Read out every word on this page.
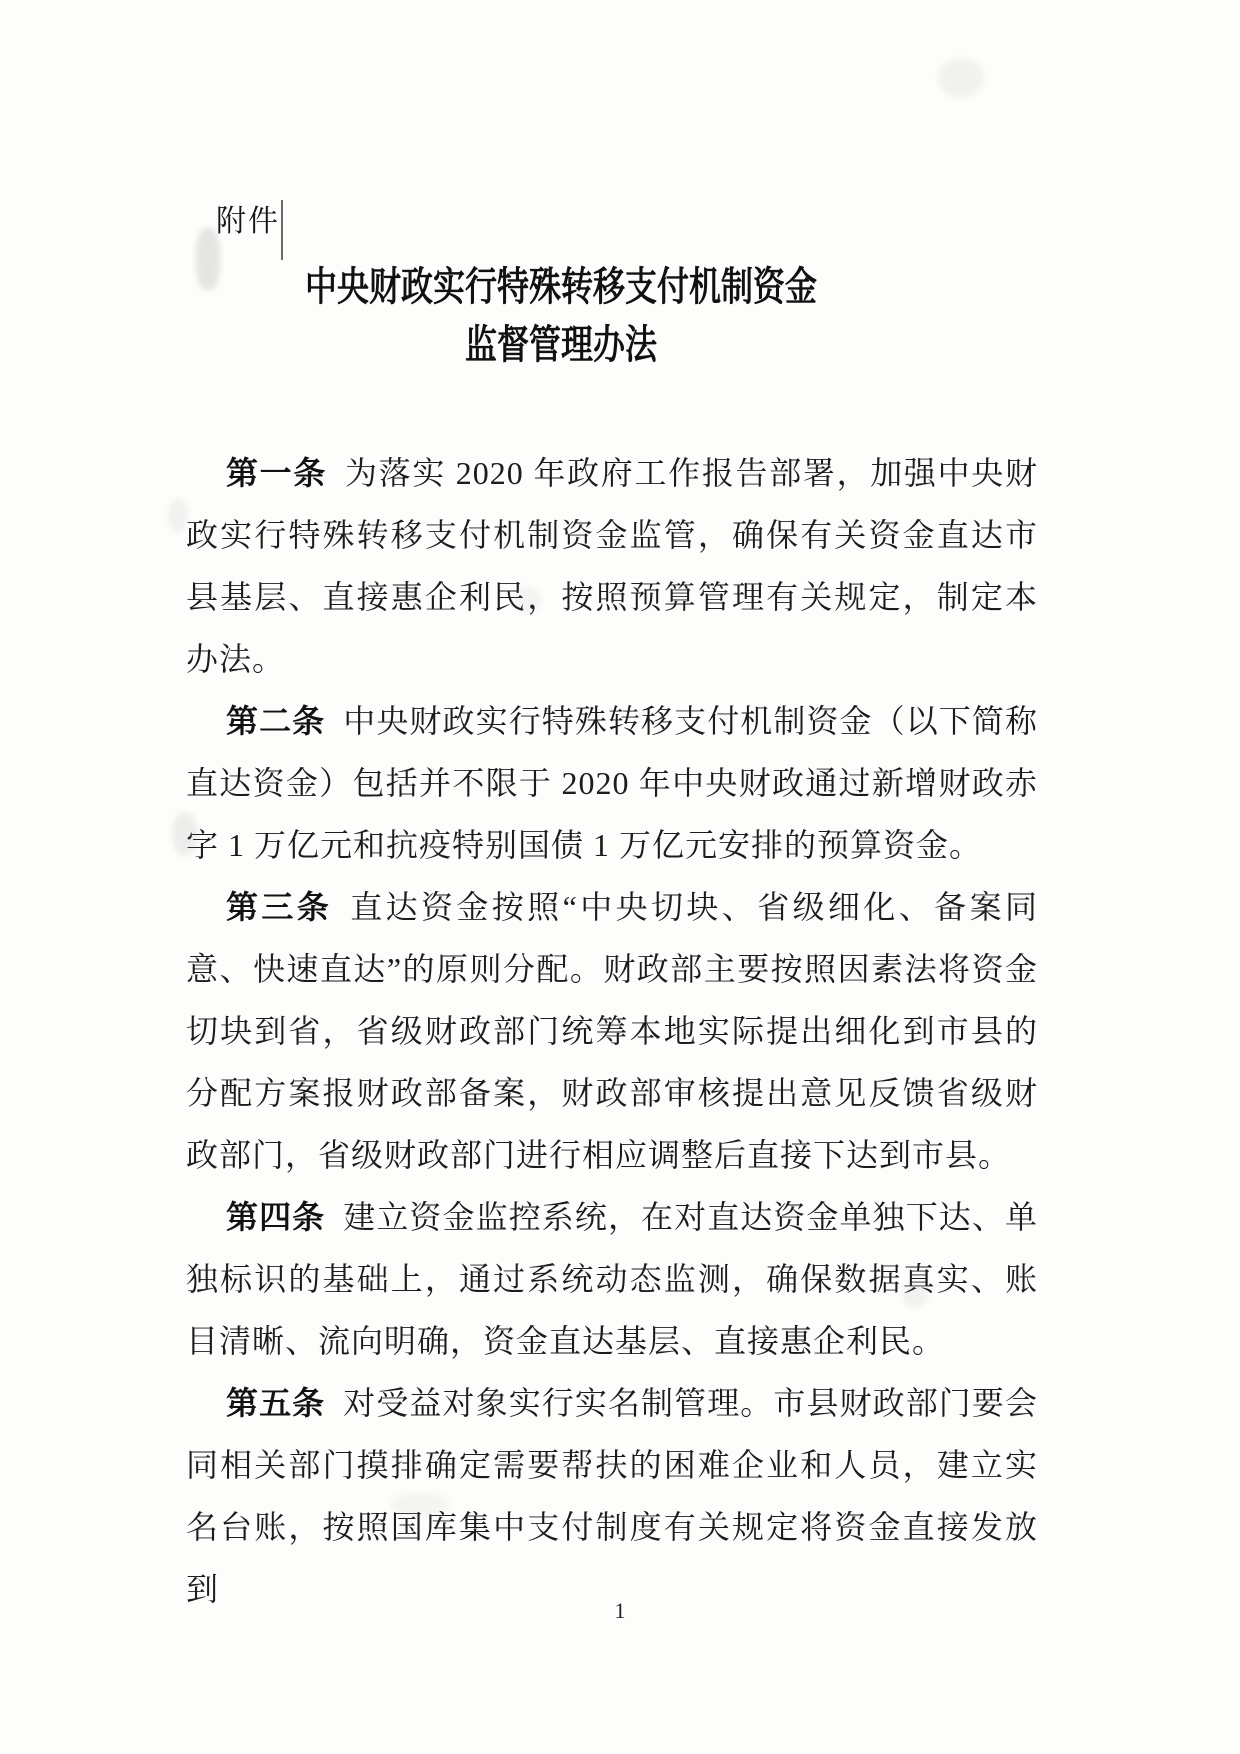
附件
中央财政实行特殊转移支付机制资金
监督管理办法

第一条 为落实 2020 年政府工作报告部署，加强中央财政实行特殊转移支付机制资金监管，确保有关资金直达市县基层、直接惠企利民，按照预算管理有关规定，制定本办法。

第二条 中央财政实行特殊转移支付机制资金（以下简称直达资金）包括并不限于 2020 年中央财政通过新增财政赤字 1 万亿元和抗疫特别国债 1 万亿元安排的预算资金。

第三条 直达资金按照“中央切块、省级细化、备案同意、快速直达”的原则分配。财政部主要按照因素法将资金切块到省，省级财政部门统筹本地实际提出细化到市县的分配方案报财政部备案，财政部审核提出意见反馈省级财政部门，省级财政部门进行相应调整后直接下达到市县。

第四条 建立资金监控系统，在对直达资金单独下达、单独标识的基础上，通过系统动态监测，确保数据真实、账目清晰、流向明确，资金直达基层、直接惠企利民。

第五条 对受益对象实行实名制管理。市县财政部门要会同相关部门摸排确定需要帮扶的困难企业和人员，建立实名台账，按照国库集中支付制度有关规定将资金直接发放到

1
